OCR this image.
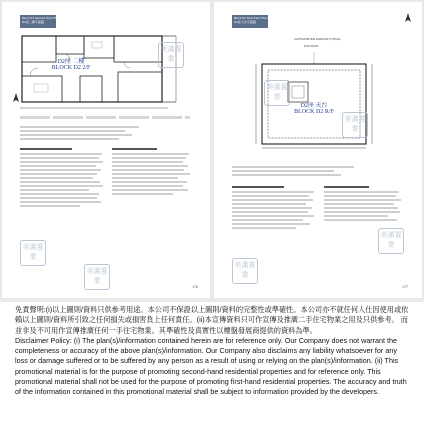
Block D2 Second Floor Plan
D2座二樓平面圖
D2座 二樓
BLOCK D2 2/F
美滿置業
美滿置業
美滿置業
176
Block D2 Roof Floor Plan
D2座天台平面圖
CLOTHES DRYING FACILITIES (TYPICAL)
FLAT ROOF
D2座 天台
BLOCK D2 R/F
美滿置業
美滿置業
美滿置業
美滿置業
177

免責聲明:(i)以上圖則/資料只供參考用途。本公司不保證以上圖則/資料的完整性或準確性。本公司亦不就任何人仕因使用或依賴以上圖則/資料所引致之任何損失或損害負上任何責任。(ii)本宣傳資料只可作宣傳及推廣二手住宅物業之用及只供參考。 而並非及不可用作宣傳推廣任何一手住宅物業。其準確性及真實性以樓盤發展商提供的資料為準。

Disclaimer Policy: (i) The plan(s)/information contained herein are for reference only. Our Company does not warrant the completeness or accuracy of the above plan(s)/information. Our Company also disclaims any liability whatsoever for any loss or damage suffered or to be suffered by any person as a result of using or relying on the plan(s)/information. (ii) This promotional material is for the purpose of promoting second-hand residential properties and for reference only. This promotional material shall not be used for the purpose of promoting first-hand residential properties. The accuracy and truth of the information contained in this promotional material shall be subject to information provided by the developers.
